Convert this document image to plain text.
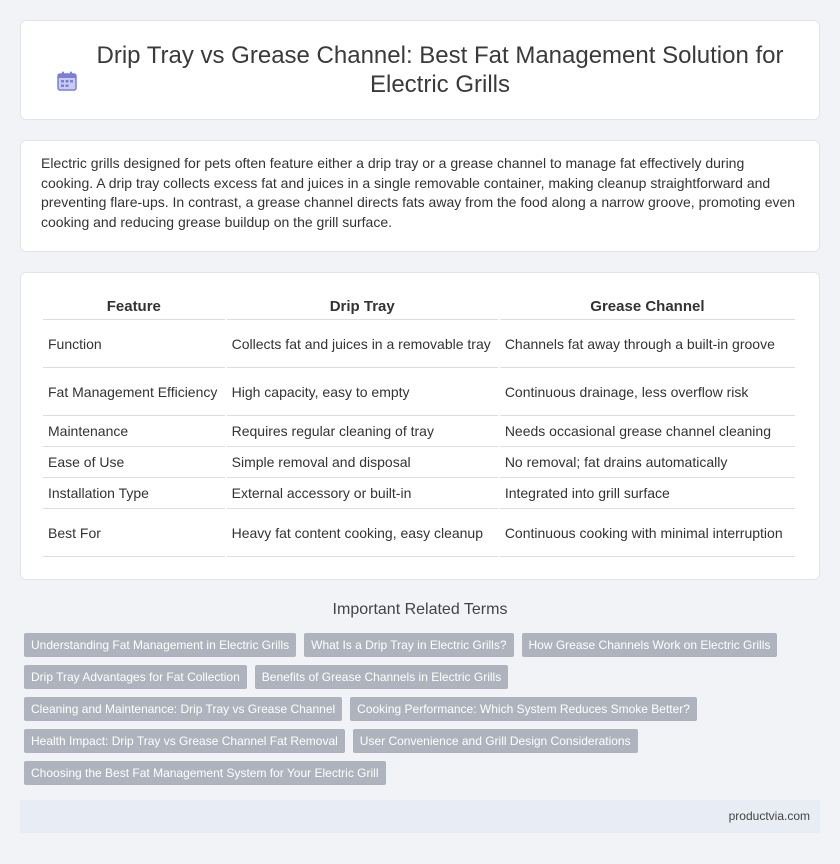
Drip Tray vs Grease Channel: Best Fat Management Solution for Electric Grills

Electric grills designed for pets often feature either a drip tray or a grease channel to manage fat effectively during cooking. A drip tray collects excess fat and juices in a single removable container, making cleanup straightforward and preventing flare-ups. In contrast, a grease channel directs fats away from the food along a narrow groove, promoting even cooking and reducing grease buildup on the grill surface.

Feature	Drip Tray	Grease Channel
Function	Collects fat and juices in a removable tray	Channels fat away through a built-in groove
Fat Management Efficiency	High capacity, easy to empty	Continuous drainage, less overflow risk
Maintenance	Requires regular cleaning of tray	Needs occasional grease channel cleaning
Ease of Use	Simple removal and disposal	No removal; fat drains automatically
Installation Type	External accessory or built-in	Integrated into grill surface
Best For	Heavy fat content cooking, easy cleanup	Continuous cooking with minimal interruption
Important Related Terms
Understanding Fat Management in Electric Grills	What Is a Drip Tray in Electric Grills?	How Grease Channels Work on Electric Grills
Drip Tray Advantages for Fat Collection	Benefits of Grease Channels in Electric Grills
Cleaning and Maintenance: Drip Tray vs Grease Channel	Cooking Performance: Which System Reduces Smoke Better?
Health Impact: Drip Tray vs Grease Channel Fat Removal	User Convenience and Grill Design Considerations
Choosing the Best Fat Management System for Your Electric Grill
productvia.com
